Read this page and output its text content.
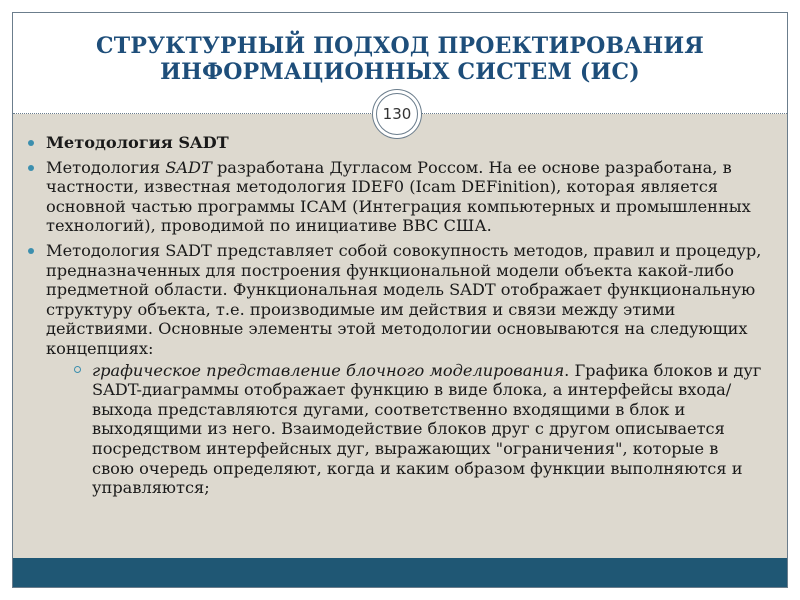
СТРУКТУРНЫЙ ПОДХОД ПРОЕКТИРОВАНИЯ
ИНФОРМАЦИОННЫХ СИСТЕМ (ИС)
130
Методология SADT
Методология SADT разработана Дугласом Россом. На ее основе разработана, в частности, известная методология IDEF0 (Icam DEFinition), которая является основной частью программы ICAM (Интеграция компьютерных и промышленных технологий), проводимой по инициативе ВВС США.
Методология SADT представляет собой совокупность методов, правил и процедур, предназначенных для построения функциональной модели объекта какой-либо предметной области. Функциональная модель SADT отображает функциональную структуру объекта, т.е. производимые им действия и связи между этими действиями. Основные элементы этой методологии основываются на следующих концепциях:
графическое представление блочного моделирования. Графика блоков и дуг SADT-диаграммы отображает функцию в виде блока, а интерфейсы входа/выхода представляются дугами, соответственно входящими в блок и выходящими из него. Взаимодействие блоков друг с другом описывается посредством интерфейсных дуг, выражающих "ограничения", которые в свою очередь определяют, когда и каким образом функции выполняются и управляются;
